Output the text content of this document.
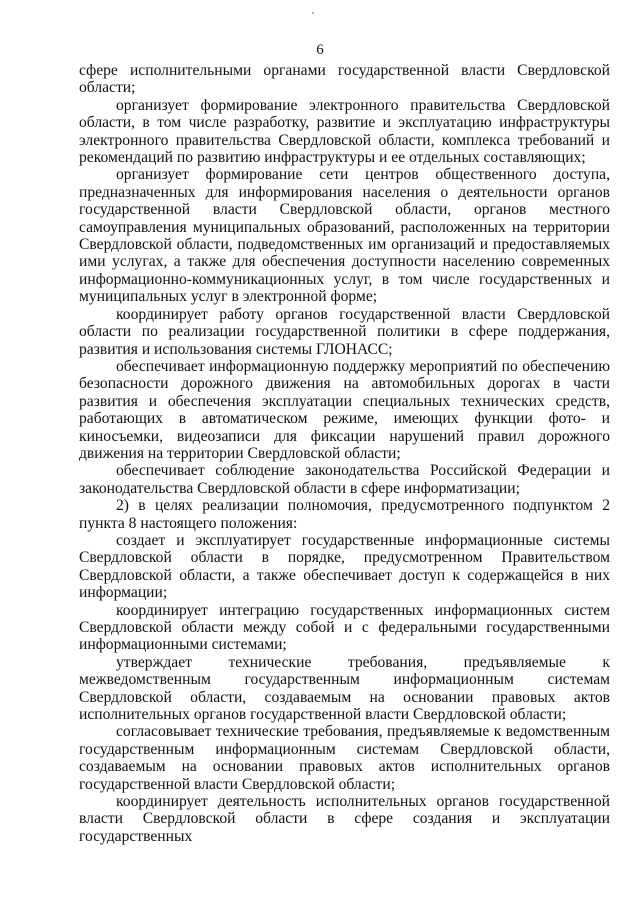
6

сфере исполнительными органами государственной власти Свердловской области;

организует формирование электронного правительства Свердловской области, в том числе разработку, развитие и эксплуатацию инфраструктуры электронного правительства Свердловской области, комплекса требований и рекомендаций по развитию инфраструктуры и ее отдельных составляющих;

организует формирование сети центров общественного доступа, предназначенных для информирования населения о деятельности органов государственной власти Свердловской области, органов местного самоуправления муниципальных образований, расположенных на территории Свердловской области, подведомственных им организаций и предоставляемых ими услугах, а также для обеспечения доступности населению современных информационно-коммуникационных услуг, в том числе государственных и муниципальных услуг в электронной форме;

координирует работу органов государственной власти Свердловской области по реализации государственной политики в сфере поддержания, развития и использования системы ГЛОНАСС;

обеспечивает информационную поддержку мероприятий по обеспечению безопасности дорожного движения на автомобильных дорогах в части развития и обеспечения эксплуатации специальных технических средств, работающих в автоматическом режиме, имеющих функции фото- и киносъемки, видеозаписи для фиксации нарушений правил дорожного движения на территории Свердловской области;

обеспечивает соблюдение законодательства Российской Федерации и законодательства Свердловской области в сфере информатизации;

2) в целях реализации полномочия, предусмотренного подпунктом 2 пункта 8 настоящего положения:

создает и эксплуатирует государственные информационные системы Свердловской области в порядке, предусмотренном Правительством Свердловской области, а также обеспечивает доступ к содержащейся в них информации;

координирует интеграцию государственных информационных систем Свердловской области между собой и с федеральными государственными информационными системами;

утверждает технические требования, предъявляемые к межведомственным государственным информационным системам Свердловской области, создаваемым на основании правовых актов исполнительных органов государственной власти Свердловской области;

согласовывает технические требования, предъявляемые к ведомственным государственным информационным системам Свердловской области, создаваемым на основании правовых актов исполнительных органов государственной власти Свердловской области;

координирует деятельность исполнительных органов государственной власти Свердловской области в сфере создания и эксплуатации государственных
